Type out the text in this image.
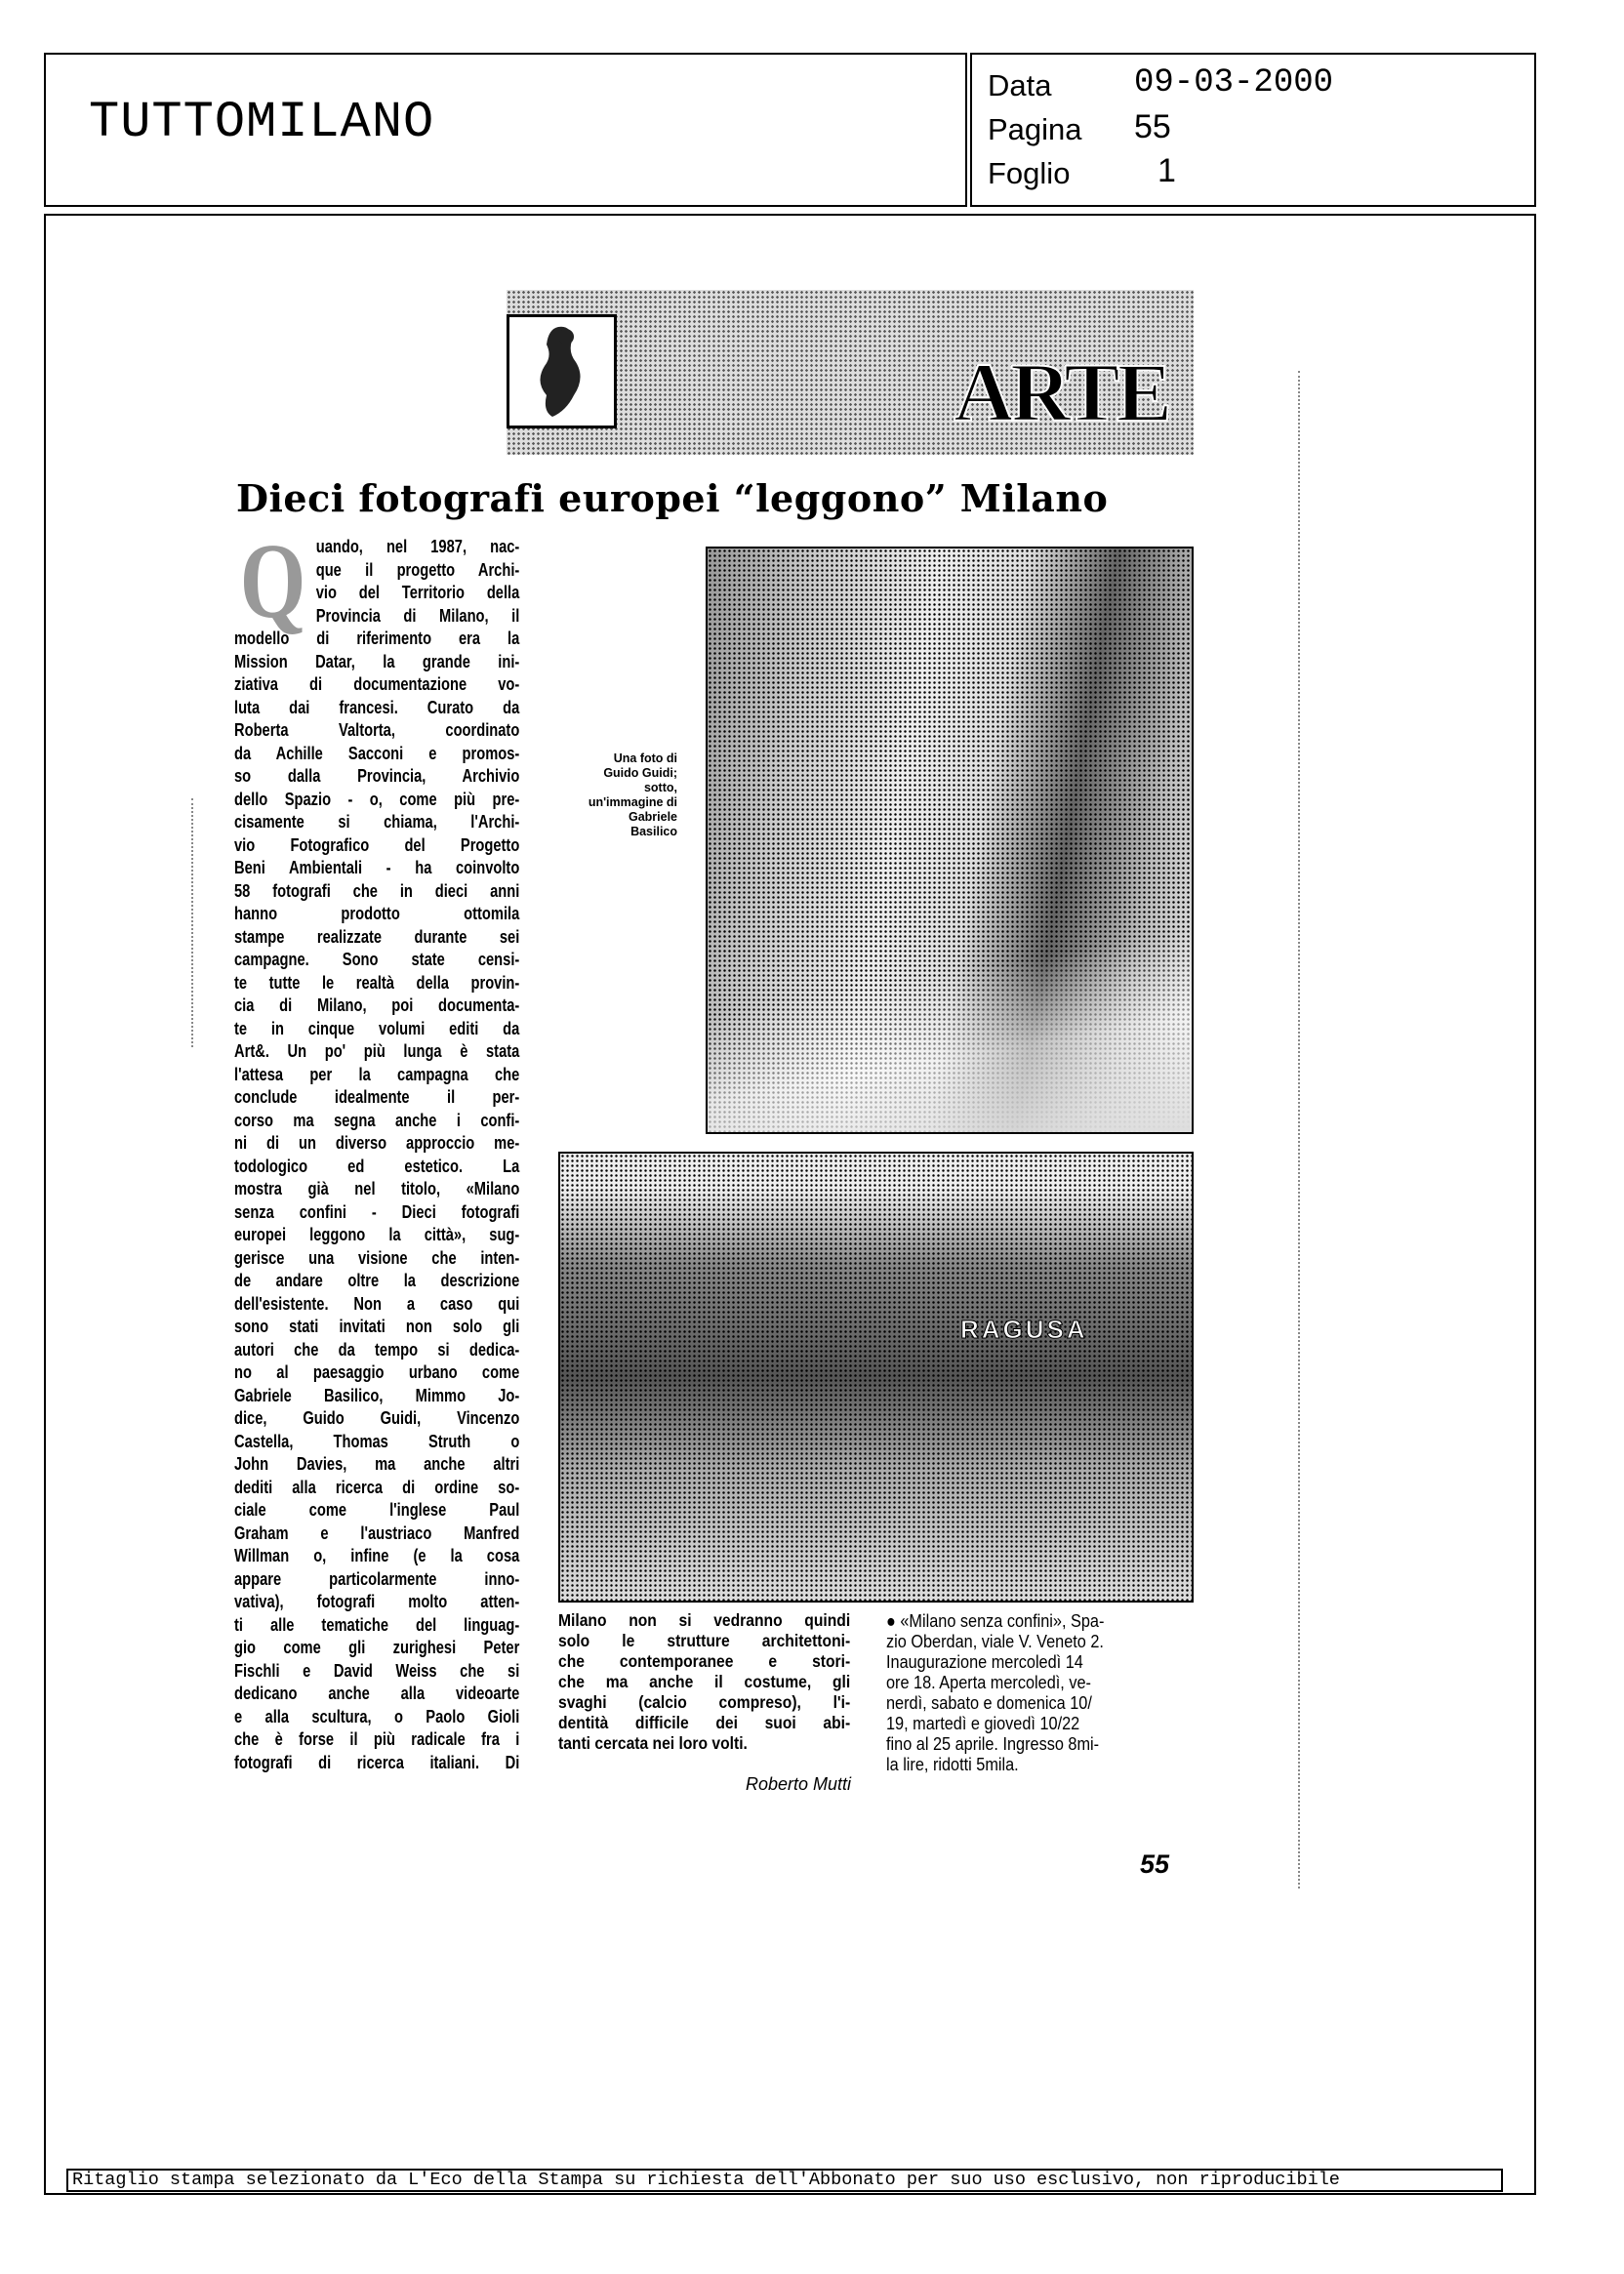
TUTTOMILANO
Data 09-03-2000
Pagina 55
Foglio	1
ARTE
Dieci fotografi europei “leggono” Milano
Q uando, nel 1987, nac-
que il progetto Archi-
vio del Territorio della
Provincia di Milano, il
modello di riferimento era la
Mission Datar, la grande ini-
ziativa di documentazione vo-
luta dai francesi. Curato da
Roberta Valtorta, coordinato
da Achille Sacconi e promos-
so dalla Provincia, Archivio
dello Spazio - o, come più pre-
cisamente si chiama, l'Archi-
vio Fotografico del Progetto
Beni Ambientali - ha coinvolto
58 fotografi che in dieci anni
hanno prodotto ottomila
stampe realizzate durante sei
campagne. Sono state censi-
te tutte le realtà della provin-
cia di Milano, poi documenta-
te in cinque volumi editi da
Art&. Un po' più lunga è stata
l'attesa per la campagna che
conclude idealmente il per-
corso ma segna anche i confi-
ni di un diverso approccio me-
todologico ed estetico. La
mostra già nel titolo, «Milano
senza confini - Dieci fotografi
europei leggono la città», sug-
gerisce una visione che inten-
de andare oltre la descrizione
dell'esistente. Non a caso qui
sono stati invitati non solo gli
autori che da tempo si dedica-
no al paesaggio urbano come
Gabriele Basilico, Mimmo Jo-
dice, Guido Guidi, Vincenzo
Castella, Thomas Struth o
John Davies, ma anche altri
dediti alla ricerca di ordine so-
ciale come l'inglese Paul
Graham e l'austriaco Manfred
Willman o, infine (e la cosa
appare particolarmente inno-
vativa), fotografi molto atten-
ti alle tematiche del linguag-
gio come gli zurighesi Peter
Fischli e David Weiss che si
dedicano anche alla videoarte
e alla scultura, o Paolo Gioli
che è forse il più radicale fra i
fotografi di ricerca italiani. Di
Una foto di Guido Guidi; sotto, un'immagine di Gabriele Basilico
RAGUSA
Milano non si vedranno quindi
solo le strutture architettoni-
che contemporanee e stori-
che ma anche il costume, gli
svaghi (calcio compreso), l'i-
dentità difficile dei suoi abi-
tanti cercata nei loro volti.
Roberto Mutti
● «Milano senza confini», Spa-
zio Oberdan, viale V. Veneto 2.
Inaugurazione mercoledì 14
ore 18. Aperta mercoledì, ve-
nerdì, sabato e domenica 10/
19, martedì e giovedì 10/22
fino al 25 aprile. Ingresso 8mi-
la lire, ridotti 5mila.
55
Ritaglio stampa selezionato da L'Eco della Stampa su richiesta dell'Abbonato per suo uso esclusivo, non riproducibile
